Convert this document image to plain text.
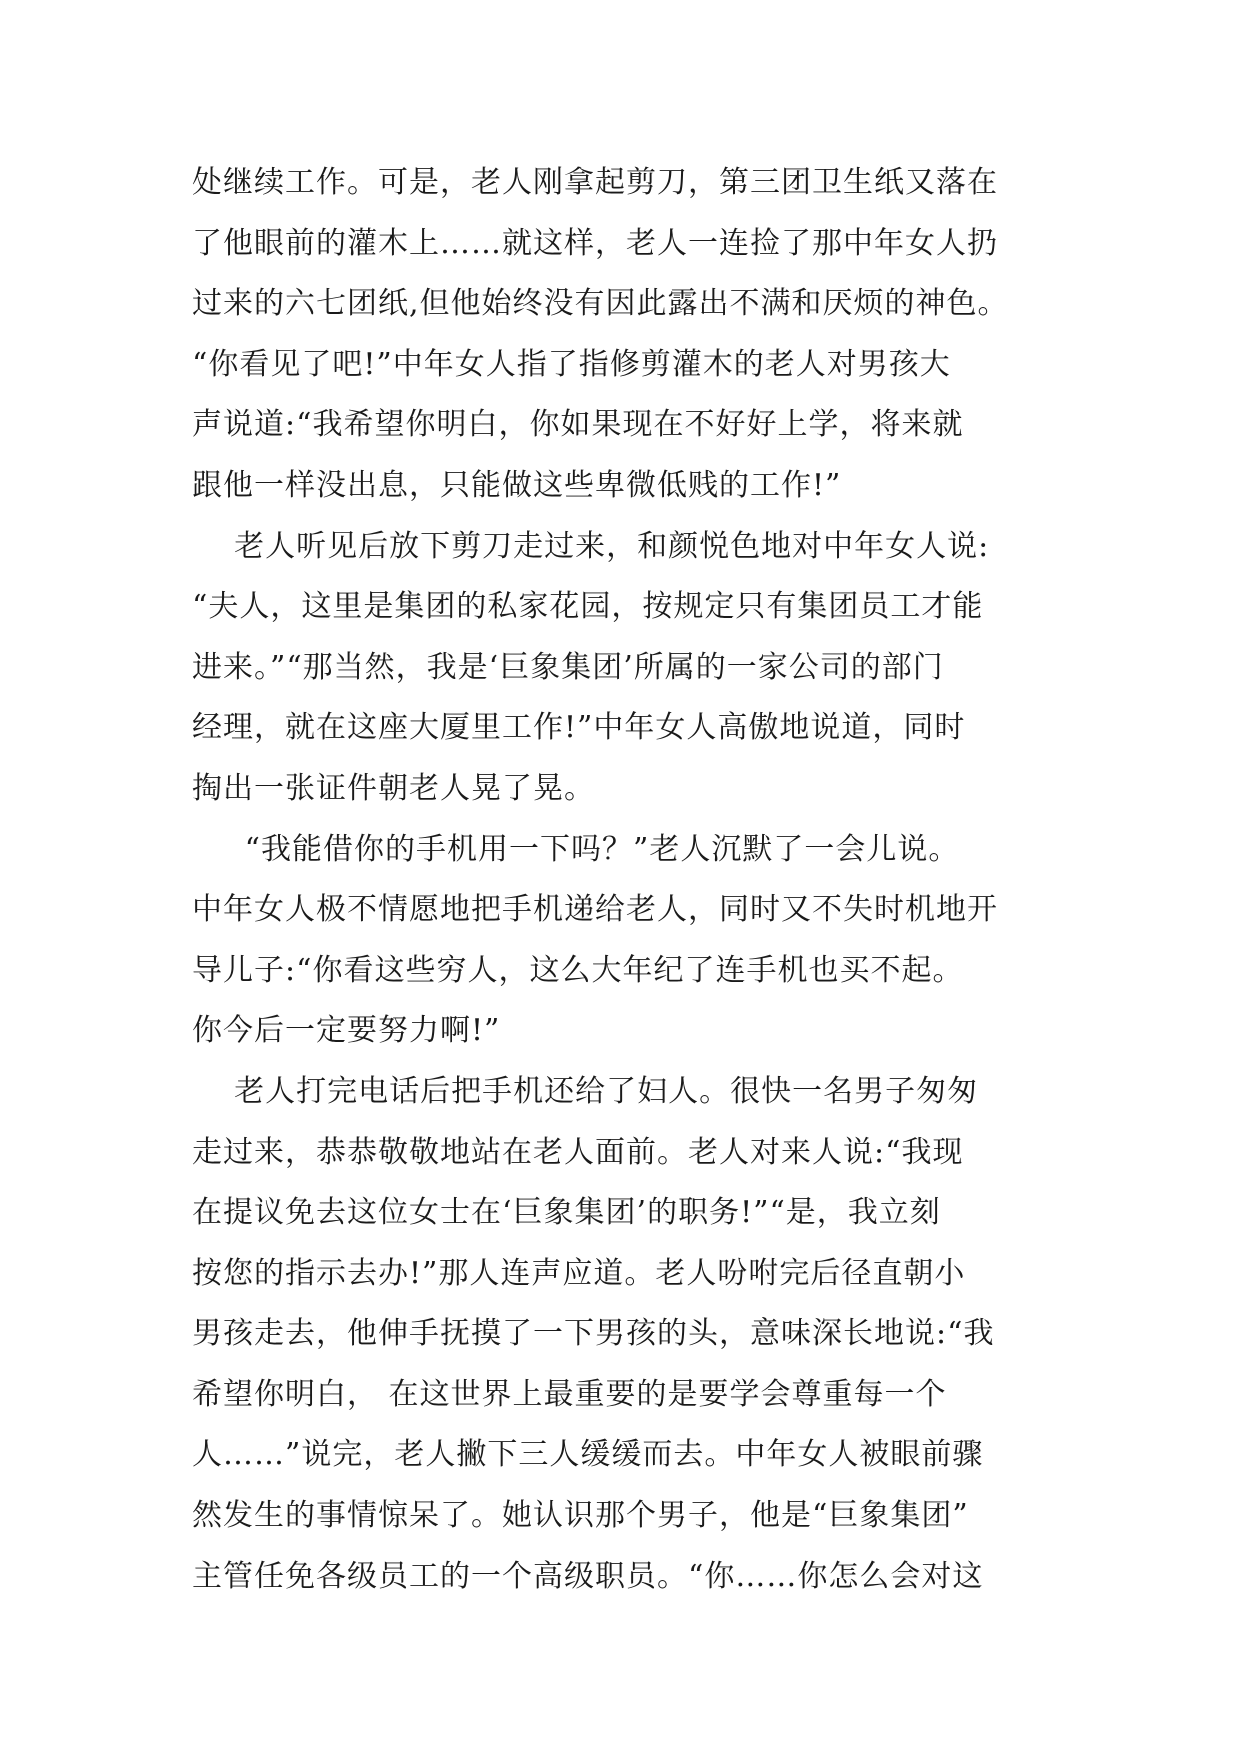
处继续工作。可是，老人刚拿起剪刀，第三团卫生纸又落在
了他眼前的灌木上……就这样，老人一连捡了那中年女人扔
过来的六七团纸,但他始终没有因此露出不满和厌烦的神色。
“你看见了吧!”中年女人指了指修剪灌木的老人对男孩大
声说道:“我希望你明白，你如果现在不好好上学，将来就
跟他一样没出息，只能做这些卑微低贱的工作!”
老人听见后放下剪刀走过来，和颜悦色地对中年女人说:
“夫人，这里是集团的私家花园，按规定只有集团员工才能
进来。”“那当然，我是‘巨象集团’所属的一家公司的部门
经理，就在这座大厦里工作!”中年女人高傲地说道，同时
掏出一张证件朝老人晃了晃。
“我能借你的手机用一下吗？”老人沉默了一会儿说。
中年女人极不情愿地把手机递给老人，同时又不失时机地开
导儿子:“你看这些穷人，这么大年纪了连手机也买不起。
你今后一定要努力啊!”
老人打完电话后把手机还给了妇人。很快一名男子匆匆
走过来，恭恭敬敬地站在老人面前。老人对来人说:“我现
在提议免去这位女士在‘巨象集团’的职务!”“是，我立刻
按您的指示去办!”那人连声应道。老人吩咐完后径直朝小
男孩走去，他伸手抚摸了一下男孩的头，意味深长地说:“我
希望你明白， 在这世界上最重要的是要学会尊重每一个
人……”说完，老人撇下三人缓缓而去。中年女人被眼前骤
然发生的事情惊呆了。她认识那个男子，他是“巨象集团”
主管任免各级员工的一个高级职员。“你……你怎么会对这
